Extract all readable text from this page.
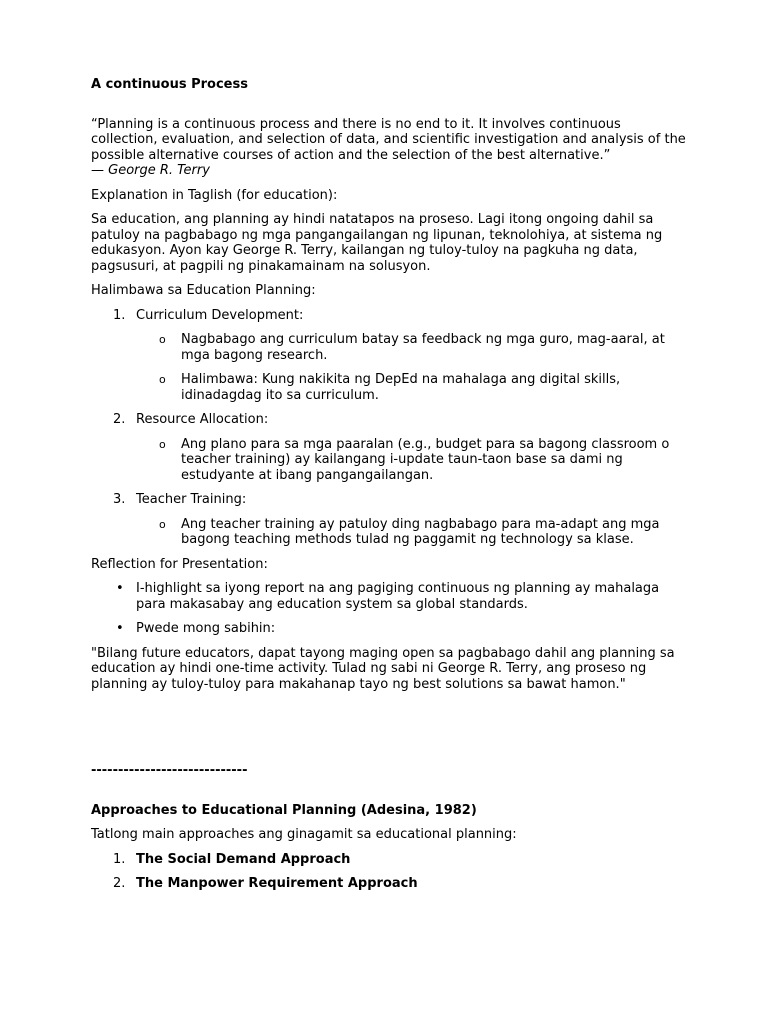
A continuous Process

“Planning is a continuous process and there is no end to it. It involves continuous collection, evaluation, and selection of data, and scientific investigation and analysis of the possible alternative courses of action and the selection of the best alternative.”

— George R. Terry

Explanation in Taglish (for education):

Sa education, ang planning ay hindi natatapos na proseso. Lagi itong ongoing dahil sa patuloy na pagbabago ng mga pangangailangan ng lipunan, teknolohiya, at sistema ng edukasyon. Ayon kay George R. Terry, kailangan ng tuloy-tuloy na pagkuha ng data, pagsusuri, at pagpili ng pinakamainam na solusyon.

Halimbawa sa Education Planning:

1. Curriculum Development:
o Nagbabago ang curriculum batay sa feedback ng mga guro, mag-aaral, at mga bagong research.
o Halimbawa: Kung nakikita ng DepEd na mahalaga ang digital skills, idinadagdag ito sa curriculum.
2. Resource Allocation:
o Ang plano para sa mga paaralan (e.g., budget para sa bagong classroom o teacher training) ay kailangang i-update taun-taon base sa dami ng estudyante at ibang pangangailangan.
3. Teacher Training:
o Ang teacher training ay patuloy ding nagbabago para ma-adapt ang mga bagong teaching methods tulad ng paggamit ng technology sa klase.

Reflection for Presentation:

• I-highlight sa iyong report na ang pagiging continuous ng planning ay mahalaga para makasabay ang education system sa global standards.
• Pwede mong sabihin:

"Bilang future educators, dapat tayong maging open sa pagbabago dahil ang planning sa education ay hindi one-time activity. Tulad ng sabi ni George R. Terry, ang proseso ng planning ay tuloy-tuloy para makahanap tayo ng best solutions sa bawat hamon."

-----------------------------

Approaches to Educational Planning (Adesina, 1982)

Tatlong main approaches ang ginagamit sa educational planning:

1. The Social Demand Approach
2. The Manpower Requirement Approach
